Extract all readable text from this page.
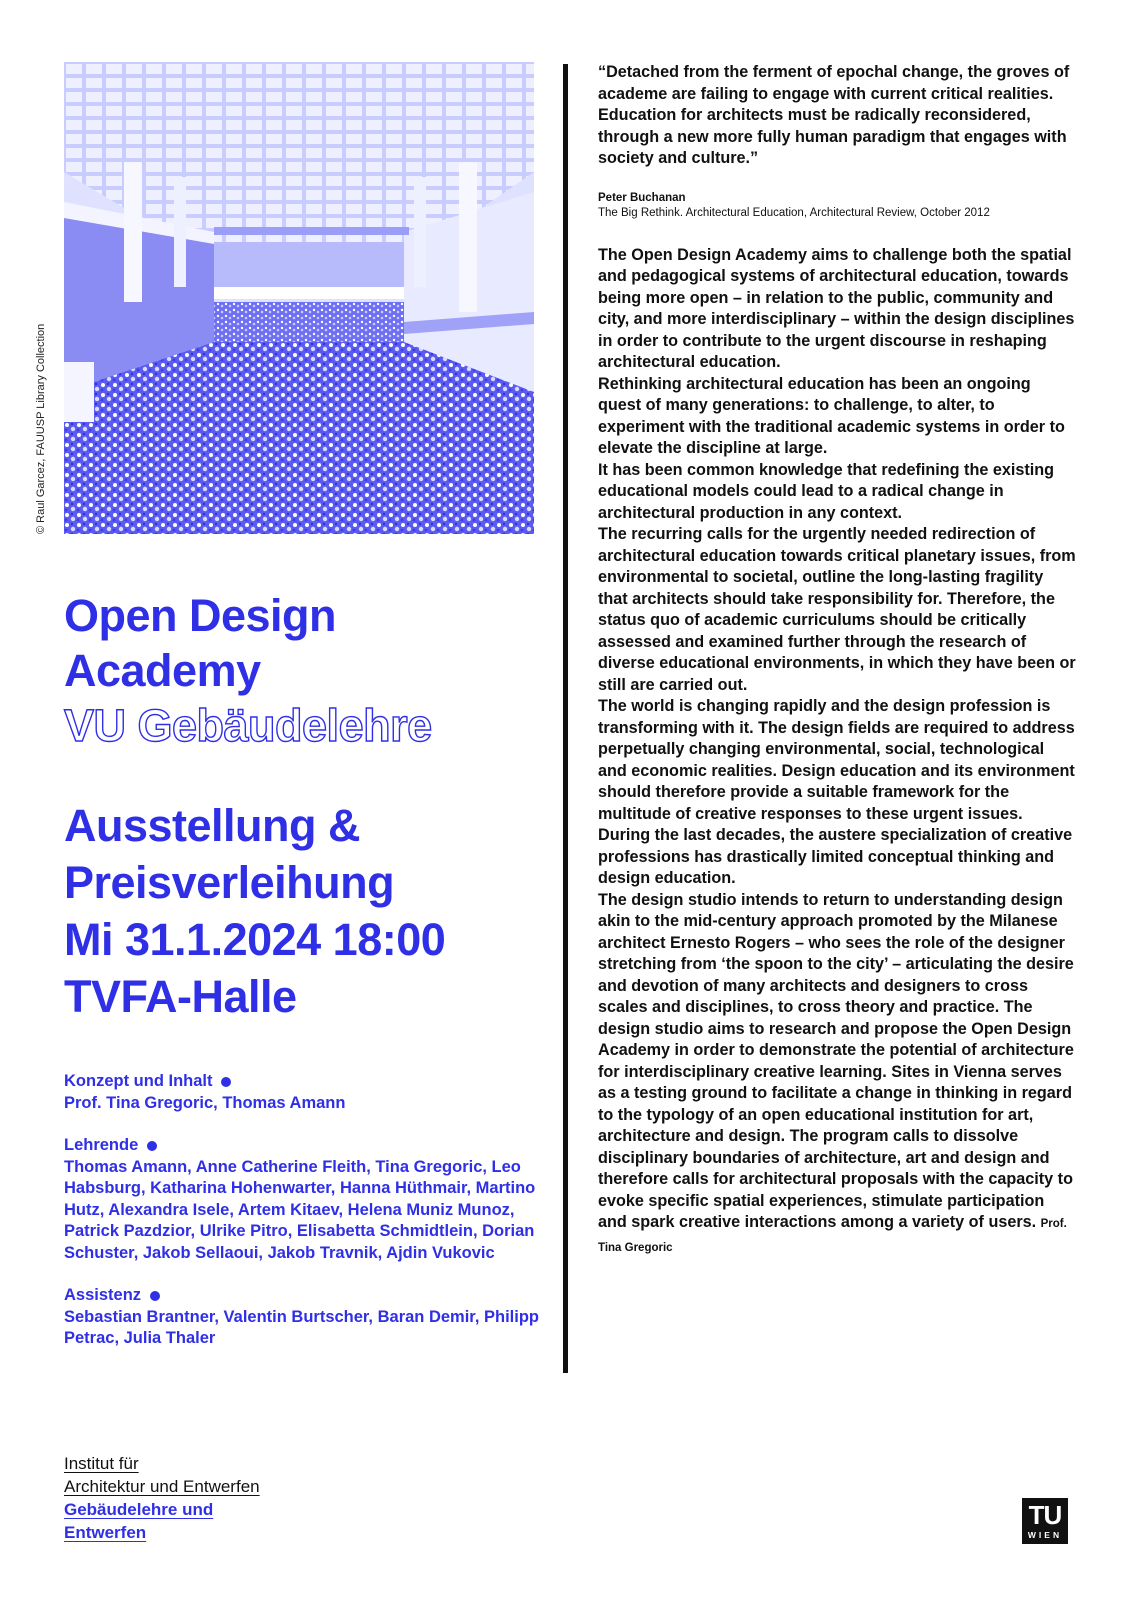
© Raul Garcez, FAUUSP Library Collection

Open Design

Academy

VU Gebäudelehre

Ausstellung &

Preisverleihung

Mi 31.1.2024 18:00

TVFA-Halle

Konzept und Inhalt
Prof. Tina Gregoric, Thomas Amann
Lehrende
Thomas Amann, Anne Catherine Fleith, Tina Gregoric, Leo Habsburg, Katharina Hohenwarter, Hanna Hüthmair, Martino Hutz, Alexandra Isele, Artem Kitaev, Helena Muniz Munoz, Patrick Pazdzior, Ulrike Pitro, Elisabetta Schmidtlein, Dorian Schuster, Jakob Sellaoui, Jakob Travnik, Ajdin Vukovic
Assistenz
Sebastian Brantner, Valentin Burtscher, Baran Demir, Philipp Petrac, Julia Thaler
Institut für
Architektur und Entwerfen
Gebäudelehre und
Entwerfen

“Detached from the ferment of epochal change, the groves of academe are failing to engage with current critical realities. Education for architects must be radically reconsidered, through a new more fully human paradigm that engages with society and culture.”

Peter Buchanan
The Big Rethink. Architectural Education, Architectural Review, October 2012

The Open Design Academy aims to challenge both the spatial and pedagogical systems of architectural education, towards being more open – in relation to the public, community and city, and more interdisciplinary – within the design disciplines in order to contribute to the urgent discourse in reshaping architectural education.

Rethinking architectural education has been an ongoing quest of many generations: to challenge, to alter, to experiment with the traditional academic systems in order to elevate the discipline at large.

It has been common knowledge that redefining the existing educational models could lead to a radical change in architectural production in any context.

The recurring calls for the urgently needed redirection of architectural education towards critical planetary issues, from environmental to societal, outline the long-lasting fragility that architects should take responsibility for. Therefore, the status quo of academic curriculums should be critically assessed and examined further through the research of diverse educational environments, in which they have been or still are carried out.

The world is changing rapidly and the design profession is transforming with it. The design fields are required to address perpetually changing environmental, social, technological and economic realities. Design education and its environment should therefore provide a suitable framework for the multitude of creative responses to these urgent issues. During the last decades, the austere specialization of creative professions has drastically limited conceptual thinking and design education.

The design studio intends to return to understanding design akin to the mid-century approach promoted by the Milanese architect Ernesto Rogers – who sees the role of the designer stretching from ‘the spoon to the city’ – articulating the desire and devotion of many architects and designers to cross scales and disciplines, to cross theory and practice. The design studio aims to research and propose the Open Design Academy in order to demonstrate the potential of architecture for interdisciplinary creative learning. Sites in Vienna serves as a testing ground to facilitate a change in thinking in regard to the typology of an open educational institution for art, architecture and design. The program calls to dissolve disciplinary boundaries of architecture, art and design and therefore calls for architectural proposals with the capacity to evoke specific spatial experiences, stimulate participation and spark creative interactions among a variety of users. Prof. Tina Gregoric

TU
WIEN
